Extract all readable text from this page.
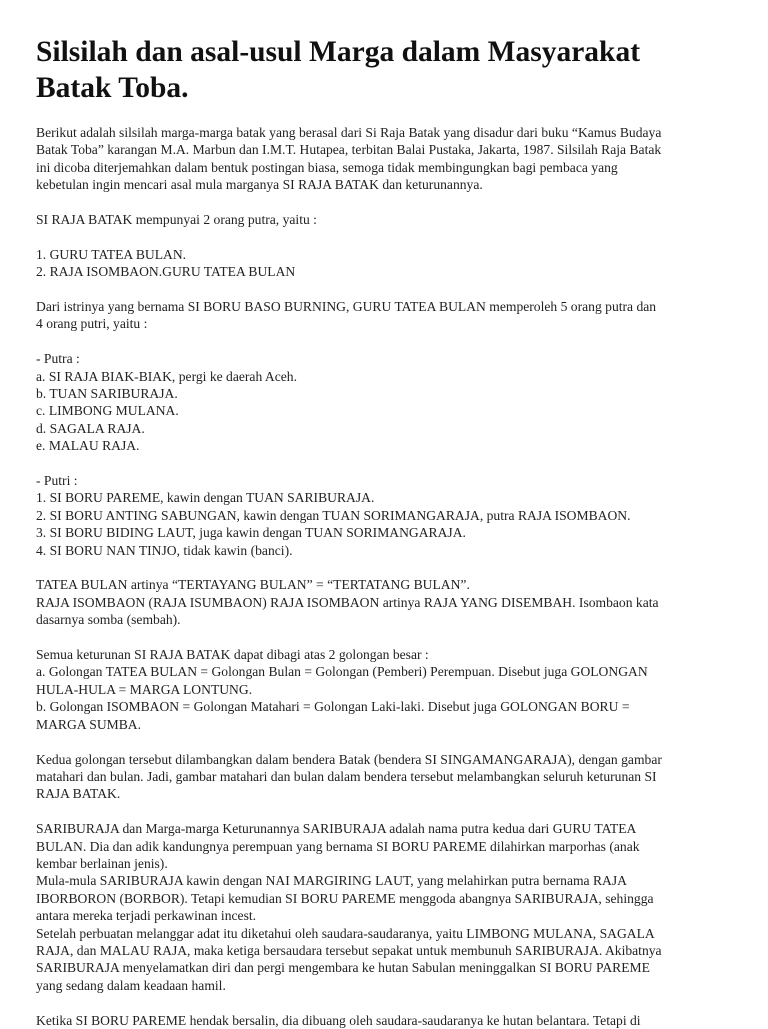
Silsilah dan asal-usul Marga dalam Masyarakat
Batak Toba.

Berikut adalah silsilah marga-marga batak yang berasal dari Si Raja Batak yang disadur dari buku “Kamus Budaya
Batak Toba” karangan M.A. Marbun dan I.M.T. Hutapea, terbitan Balai Pustaka, Jakarta, 1987. Silsilah Raja Batak
ini dicoba diterjemahkan dalam bentuk postingan biasa, semoga tidak membingungkan bagi pembaca yang
kebetulan ingin mencari asal mula marganya SI RAJA BATAK dan keturunannya.

SI RAJA BATAK mempunyai 2 orang putra, yaitu :

1. GURU TATEA BULAN.
2. RAJA ISOMBAON.GURU TATEA BULAN

Dari istrinya yang bernama SI BORU BASO BURNING, GURU TATEA BULAN memperoleh 5 orang putra dan
4 orang putri, yaitu :

- Putra :
a. SI RAJA BIAK-BIAK, pergi ke daerah Aceh.
b. TUAN SARIBURAJA.
c. LIMBONG MULANA.
d. SAGALA RAJA.
e. MALAU RAJA.

- Putri :
1. SI BORU PAREME, kawin dengan TUAN SARIBURAJA.
2. SI BORU ANTING SABUNGAN, kawin dengan TUAN SORIMANGARAJA, putra RAJA ISOMBAON.
3. SI BORU BIDING LAUT, juga kawin dengan TUAN SORIMANGARAJA.
4. SI BORU NAN TINJO, tidak kawin (banci).

TATEA BULAN artinya “TERTAYANG BULAN” = “TERTATANG BULAN”.
RAJA ISOMBAON (RAJA ISUMBAON) RAJA ISOMBAON artinya RAJA YANG DISEMBAH. Isombaon kata
dasarnya somba (sembah).

Semua keturunan SI RAJA BATAK dapat dibagi atas 2 golongan besar :
a. Golongan TATEA BULAN = Golongan Bulan = Golongan (Pemberi) Perempuan. Disebut juga GOLONGAN
HULA-HULA = MARGA LONTUNG.
b. Golongan ISOMBAON = Golongan Matahari = Golongan Laki-laki. Disebut juga GOLONGAN BORU =
MARGA SUMBA.

Kedua golongan tersebut dilambangkan dalam bendera Batak (bendera SI SINGAMANGARAJA), dengan gambar
matahari dan bulan. Jadi, gambar matahari dan bulan dalam bendera tersebut melambangkan seluruh keturunan SI
RAJA BATAK.

SARIBURAJA dan Marga-marga Keturunannya SARIBURAJA adalah nama putra kedua dari GURU TATEA
BULAN. Dia dan adik kandungnya perempuan yang bernama SI BORU PAREME dilahirkan marporhas (anak
kembar berlainan jenis).
Mula-mula SARIBURAJA kawin dengan NAI MARGIRING LAUT, yang melahirkan putra bernama RAJA
IBORBORON (BORBOR). Tetapi kemudian SI BORU PAREME menggoda abangnya SARIBURAJA, sehingga
antara mereka terjadi perkawinan incest.
Setelah perbuatan melanggar adat itu diketahui oleh saudara-saudaranya, yaitu LIMBONG MULANA, SAGALA
RAJA, dan MALAU RAJA, maka ketiga bersaudara tersebut sepakat untuk membunuh SARIBURAJA. Akibatnya
SARIBURAJA menyelamatkan diri dan pergi mengembara ke hutan Sabulan meninggalkan SI BORU PAREME
yang sedang dalam keadaan hamil.

Ketika SI BORU PAREME hendak bersalin, dia dibuang oleh saudara-saudaranya ke hutan belantara. Tetapi di
